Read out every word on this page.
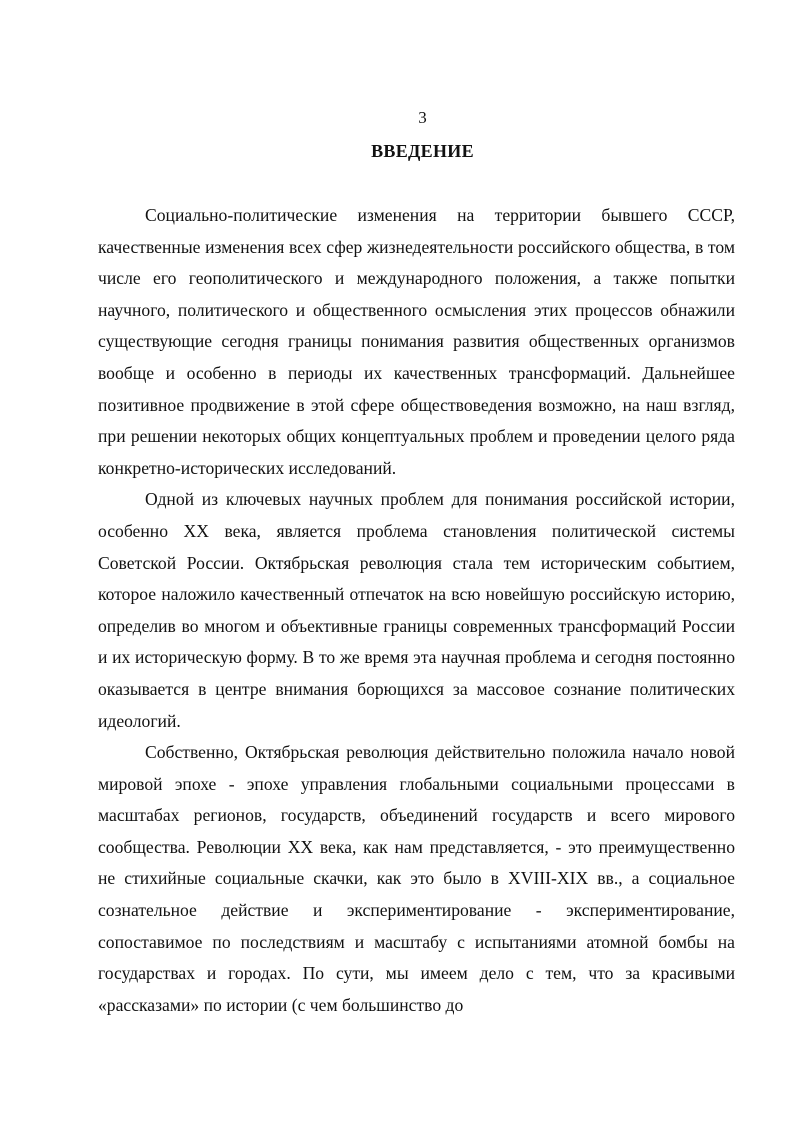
3
ВВЕДЕНИЕ

Социально-политические изменения на территории бывшего СССР, качественные изменения всех сфер жизнедеятельности российского общества, в том числе его геополитического и международного положения, а также попытки научного, политического и общественного осмысления этих процессов обнажили существующие сегодня границы понимания развития общественных организмов вообще и особенно в периоды их качественных трансформаций. Дальнейшее позитивное продвижение в этой сфере обществоведения возможно, на наш взгляд, при решении некоторых общих концептуальных проблем и проведении целого ряда конкретно-исторических исследований.

Одной из ключевых научных проблем для понимания российской истории, особенно XX века, является проблема становления политической системы Советской России. Октябрьская революция стала тем историческим событием, которое наложило качественный отпечаток на всю новейшую российскую историю, определив во многом и объективные границы современных трансформаций России и их историческую форму. В то же время эта научная проблема и сегодня постоянно оказывается в центре внимания борющихся за массовое сознание политических идеологий.

Собственно, Октябрьская революция действительно положила начало новой мировой эпохе - эпохе управления глобальными социальными процессами в масштабах регионов, государств, объединений государств и всего мирового сообщества. Революции XX века, как нам представляется, - это преимущественно не стихийные социальные скачки, как это было в XVIII-XIX вв., а социальное сознательное действие и экспериментирование - экспериментирование, сопоставимое по последствиям и масштабу с испытаниями атомной бомбы на государствах и городах. По сути, мы имеем дело с тем, что за красивыми «рассказами» по истории (с чем большинство до
